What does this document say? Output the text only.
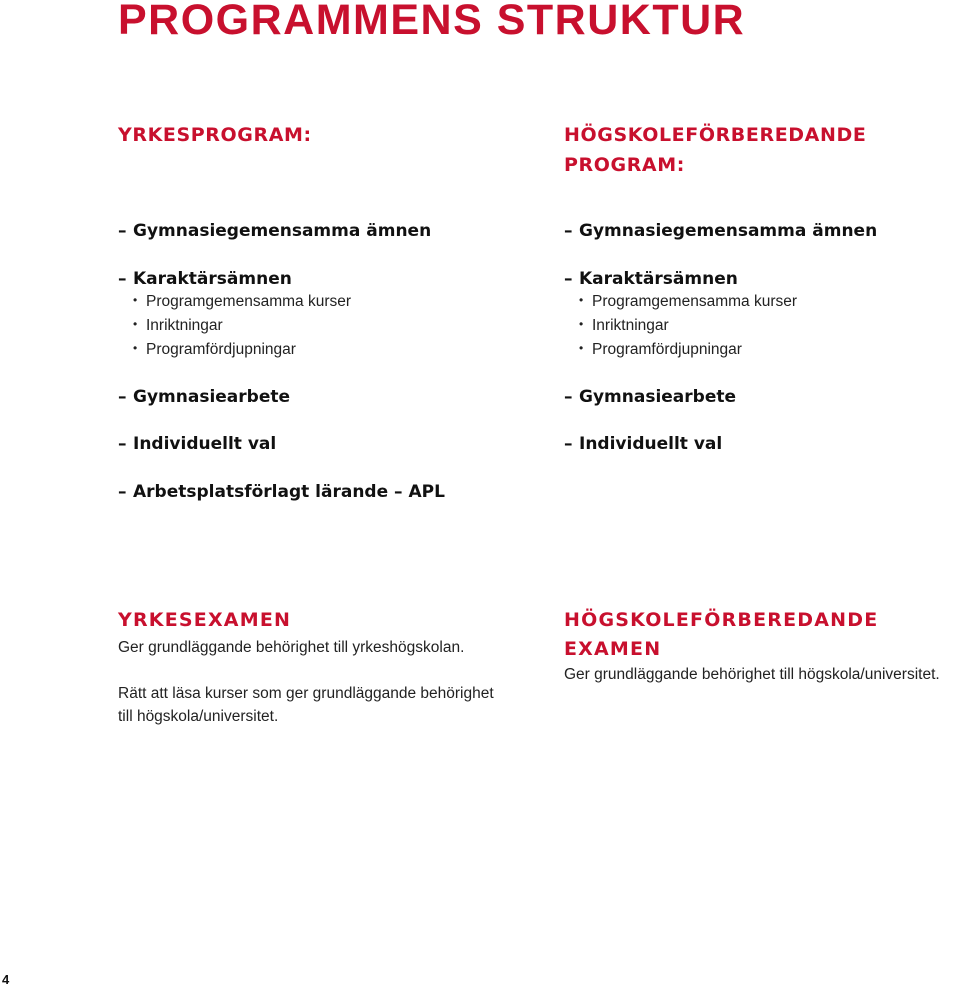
PROGRAMMENS STRUKTUR
YRKESPROGRAM:
– Gymnasiegemensamma ämnen
– Karaktärsämnen
• Programgemensamma kurser
• Inriktningar
• Programfördjupningar
– Gymnasiearbete
– Individuellt val
– Arbetsplatsförlagt lärande – APL
HÖGSKOLEFÖRBEREDANDE
PROGRAM:
– Gymnasiegemensamma ämnen
– Karaktärsämnen
• Programgemensamma kurser
• Inriktningar
• Programfördjupningar
– Gymnasiearbete
– Individuellt val
YRKESEXAMEN

Ger grundläggande behörighet till yrkeshögskolan.

Rätt att läsa kurser som ger grundläggande behörighet
till högskola/universitet.

HÖGSKOLEFÖRBEREDANDE
EXAMEN

Ger grundläggande behörighet till högskola/universitet.

4
